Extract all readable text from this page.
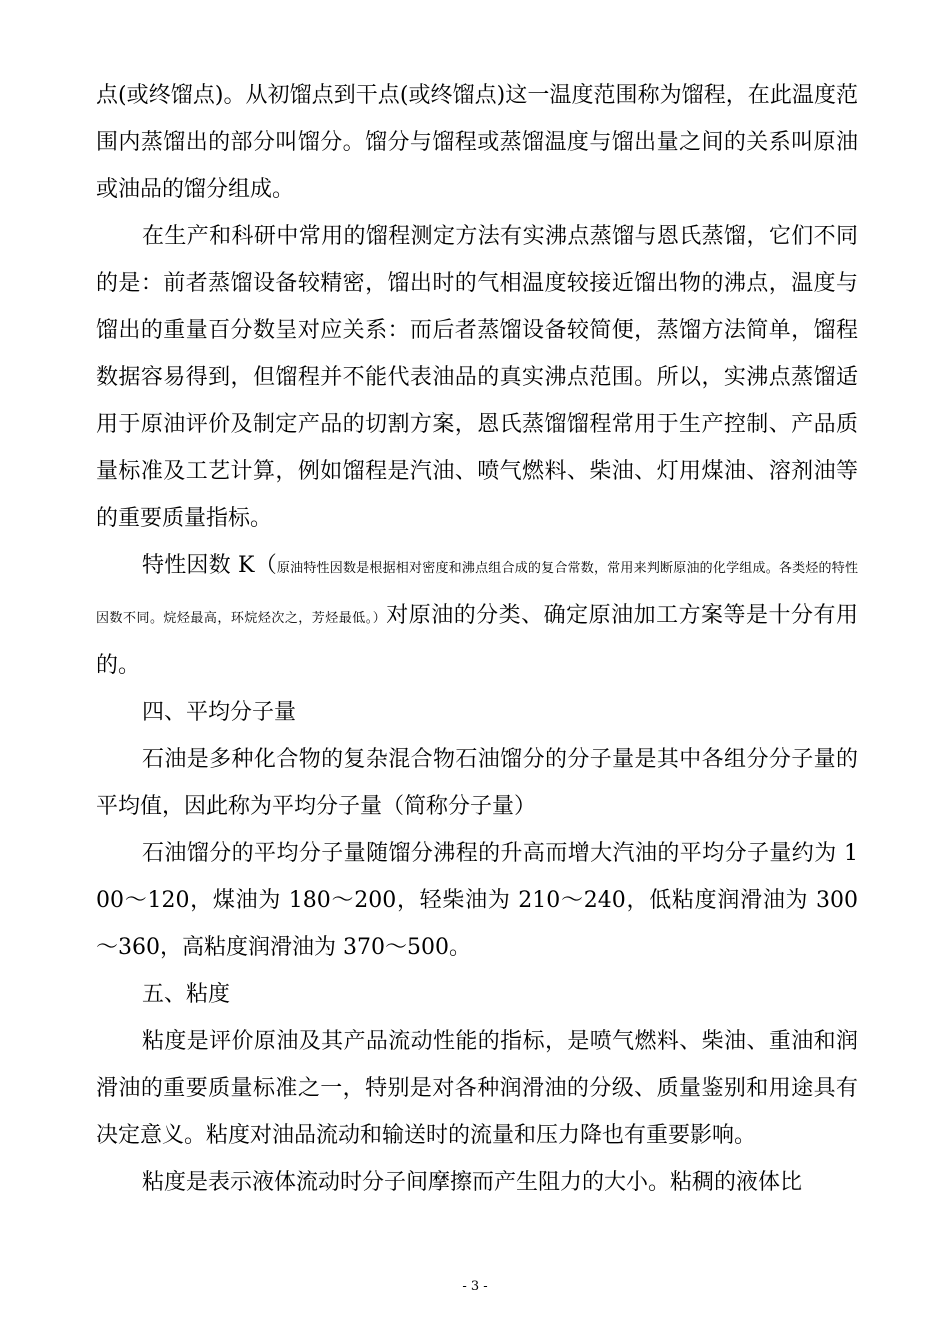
点(或终馏点)。从初馏点到干点(或终馏点)这一温度范围称为馏程，在此温度范围内蒸馏出的部分叫馏分。馏分与馏程或蒸馏温度与馏出量之间的关系叫原油或油品的馏分组成。

在生产和科研中常用的馏程测定方法有实沸点蒸馏与恩氏蒸馏，它们不同的是：前者蒸馏设备较精密，馏出时的气相温度较接近馏出物的沸点，温度与馏出的重量百分数呈对应关系：而后者蒸馏设备较简便，蒸馏方法简单，馏程数据容易得到，但馏程并不能代表油品的真实沸点范围。所以，实沸点蒸馏适用于原油评价及制定产品的切割方案，恩氏蒸馏馏程常用于生产控制、产品质量标准及工艺计算，例如馏程是汽油、喷气燃料、柴油、灯用煤油、溶剂油等的重要质量指标。

特性因数 K（原油特性因数是根据相对密度和沸点组合成的复合常数，常用来判断原油的化学组成。各类烃的特性因数不同。烷烃最高，环烷烃次之，芳烃最低。）对原油的分类、确定原油加工方案等是十分有用的。

四、平均分子量

石油是多种化合物的复杂混合物石油馏分的分子量是其中各组分分子量的平均值，因此称为平均分子量（简称分子量）

石油馏分的平均分子量随馏分沸程的升高而增大汽油的平均分子量约为 100～120，煤油为 180～200，轻柴油为 210～240，低粘度润滑油为 300～360，高粘度润滑油为 370～500。

五、粘度

粘度是评价原油及其产品流动性能的指标，是喷气燃料、柴油、重油和润滑油的重要质量标准之一，特别是对各种润滑油的分级、质量鉴别和用途具有决定意义。粘度对油品流动和输送时的流量和压力降也有重要影响。

粘度是表示液体流动时分子间摩擦而产生阻力的大小。粘稠的液体比

- 3 -
